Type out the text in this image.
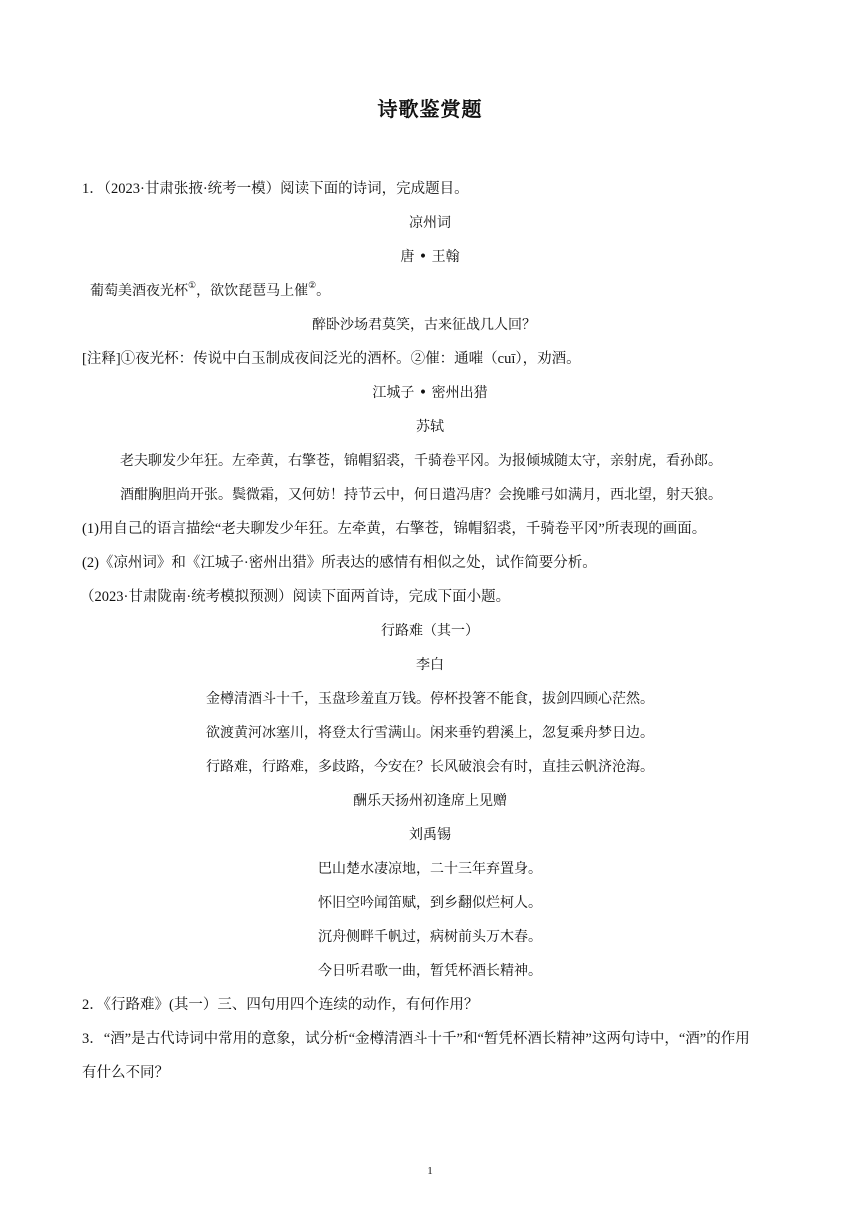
诗歌鉴赏题
1．（2023·甘肃张掖·统考一模）阅读下面的诗词，完成题目。
凉州词
唐 • 王翰
葡萄美酒夜光杯①，欲饮琵琶马上催②。
醉卧沙场君莫笑，古来征战几人回？
[注释]①夜光杯：传说中白玉制成夜间泛光的酒杯。②催：通嗺（cuī），劝酒。
江城子 • 密州出猎
苏轼
老夫聊发少年狂。左牵黄，右擎苍，锦帽貂裘，千骑卷平冈。为报倾城随太守，亲射虎，看孙郎。
酒酣胸胆尚开张。鬓微霜，又何妨！持节云中，何日遣冯唐？会挽雕弓如满月，西北望，射天狼。
(1)用自己的语言描绘“老夫聊发少年狂。左牵黄，右擎苍，锦帽貂裘，千骑卷平冈”所表现的画面。
(2)《凉州词》和《江城子·密州出猎》所表达的感情有相似之处，试作简要分析。
（2023·甘肃陇南·统考模拟预测）阅读下面两首诗，完成下面小题。
行路难（其一）
李白
金樽清酒斗十千，玉盘珍羞直万钱。停杯投箸不能食，拔剑四顾心茫然。
欲渡黄河冰塞川，将登太行雪满山。闲来垂钓碧溪上，忽复乘舟梦日边。
行路难，行路难，多歧路，今安在？长风破浪会有时，直挂云帆济沧海。
酬乐天扬州初逢席上见赠
刘禹锡
巴山楚水凄凉地，二十三年弃置身。
怀旧空吟闻笛赋，到乡翻似烂柯人。
沉舟侧畔千帆过，病树前头万木春。
今日听君歌一曲，暂凭杯酒长精神。
2．《行路难》(其一）三、四句用四个连续的动作，有何作用？
3．“酒”是古代诗词中常用的意象，试分析“金樽清酒斗十千”和“暂凭杯酒长精神”这两句诗中，“酒”的作用
有什么不同？
1
